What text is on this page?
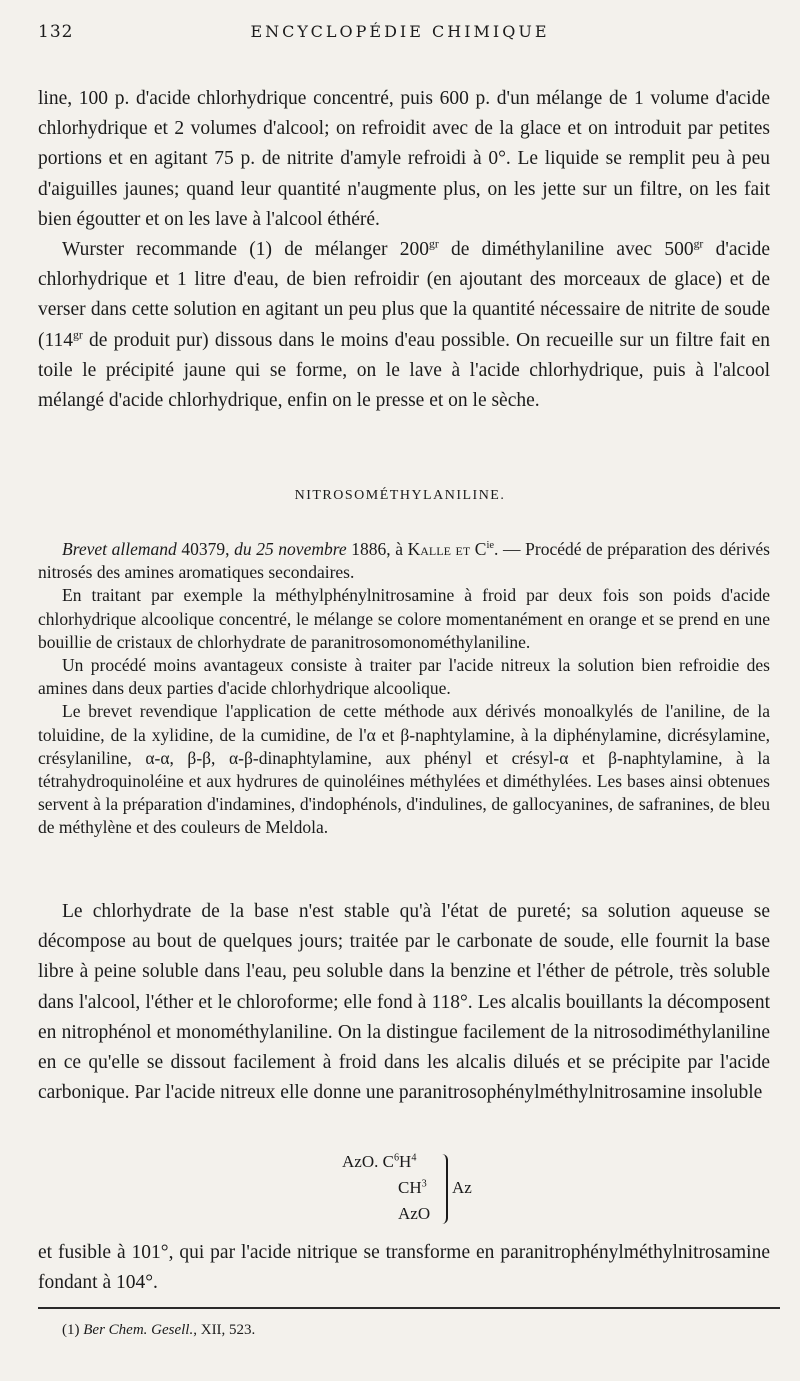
132	ENCYCLOPÉDIE CHIMIQUE

line, 100 p. d'acide chlorhydrique concentré, puis 600 p. d'un mélange de 1 volume d'acide chlorhydrique et 2 volumes d'alcool; on refroidit avec de la glace et on introduit par petites portions et en agitant 75 p. de nitrite d'amyle refroidi à 0°. Le liquide se remplit peu à peu d'aiguilles jaunes; quand leur quantité n'augmente plus, on les jette sur un filtre, on les fait bien égoutter et on les lave à l'alcool éthéré.

Wurster recommande (1) de mélanger $200^{gr}$ de diméthylaniline avec $500^{gr}$ d'acide chlorhydrique et 1 litre d'eau, de bien refroidir (en ajoutant des morceaux de glace) et de verser dans cette solution en agitant un peu plus que la quantité nécessaire de nitrite de soude ($114^{gr}$ de produit pur) dissous dans le moins d'eau possible. On recueille sur un filtre fait en toile le précipité jaune qui se forme, on le lave à l'acide chlorhydrique, puis à l'alcool mélangé d'acide chlorhydrique, enfin on le presse et on le sèche.

NITROSOMÉTHYLANILINE.

Brevet allemand 40379, du 25 novembre 1886, à Kalle et $C^{ie}$. — Procédé de préparation des dérivés nitrosés des amines aromatiques secondaires.

En traitant par exemple la méthylphénylnitrosamine à froid par deux fois son poids d'acide chlorhydrique alcoolique concentré, le mélange se colore momentanément en orange et se prend en une bouillie de cristaux de chlorhydrate de paranitrosomonométhylaniline.

Un procédé moins avantageux consiste à traiter par l'acide nitreux la solution bien refroidie des amines dans deux parties d'acide chlorhydrique alcoolique.

Le brevet revendique l'application de cette méthode aux dérivés monoalkylés de l'aniline, de la toluidine, de la xylidine, de la cumidine, de l'α et β-naphtylamine, à la diphénylamine, dicrésylamine, crésylaniline, α-α, β-β, α-β-dinaphtylamine, aux phényl et crésyl-α et β-naphtylamine, à la tétrahydroquinoléine et aux hydrures de quinoléines méthylées et diméthylées. Les bases ainsi obtenues servent à la préparation d'indamines, d'indophénols, d'indulines, de gallocyanines, de safranines, de bleu de méthylène et des couleurs de Meldola.

Le chlorhydrate de la base n'est stable qu'à l'état de pureté; sa solution aqueuse se décompose au bout de quelques jours; traitée par le carbonate de soude, elle fournit la base libre à peine soluble dans l'eau, peu soluble dans la benzine et l'éther de pétrole, très soluble dans l'alcool, l'éther et le chloroforme; elle fond à 118°. Les alcalis bouillants la décomposent en nitrophénol et monométhylaniline. On la distingue facilement de la nitrosodiméthylaniline en ce qu'elle se dissout facilement à froid dans les alcalis dilués et se précipite par l'acide carbonique. Par l'acide nitreux elle donne une paranitrosophénylméthylnitrosamine insoluble

AzO. $C^6H^4$
$CH^3$
AzO
Az

et fusible à 101°, qui par l'acide nitrique se transforme en paranitrophénylméthylnitrosamine fondant à 104°.

(1) Ber Chem. Gesell., XII, 523.
